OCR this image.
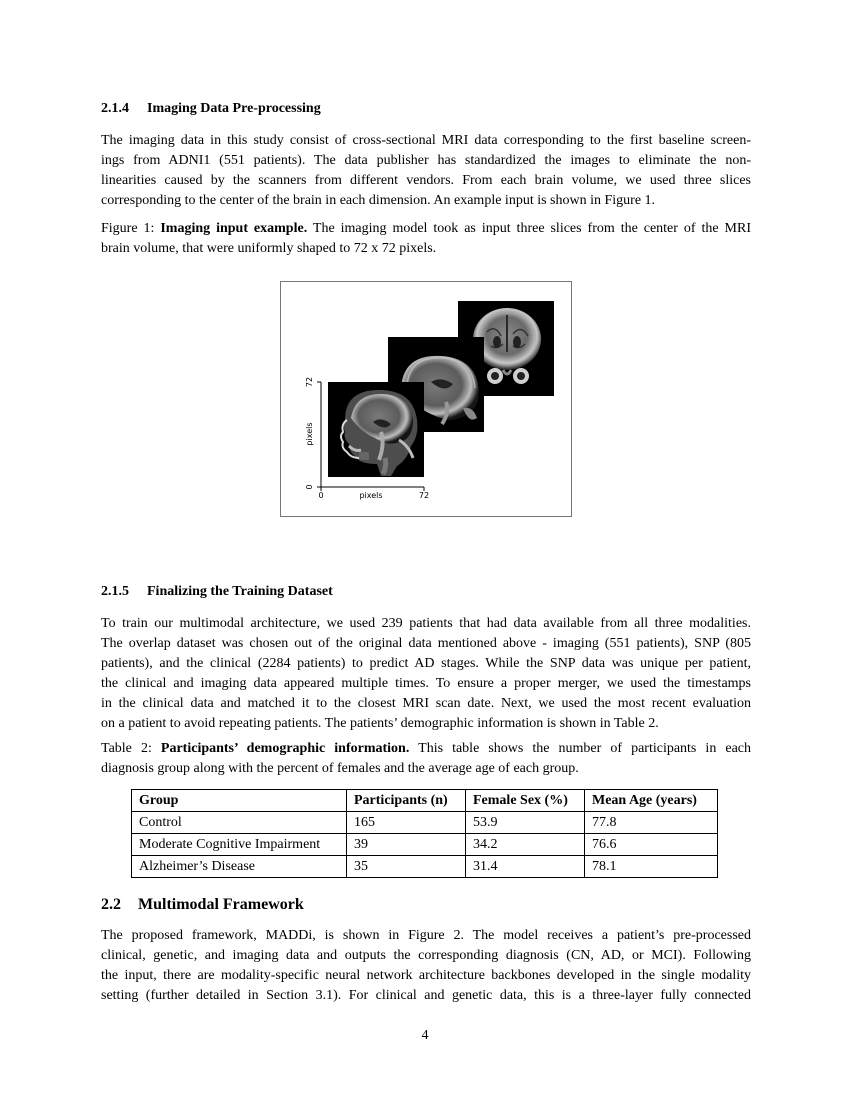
2.1.4 Imaging Data Pre-processing
The imaging data in this study consist of cross-sectional MRI data corresponding to the first baseline screen-
ings from ADNI1 (551 patients). The data publisher has standardized the images to eliminate the non-
linearities caused by the scanners from different vendors. From each brain volume, we used three slices
corresponding to the center of the brain in each dimension. An example input is shown in Figure 1.
Figure 1: Imaging input example. The imaging model took as input three slices from the center of the MRI
brain volume, that were uniformly shaped to 72 x 72 pixels.
0	72
pixels
0
72
pixels
2.1.5 Finalizing the Training Dataset
To train our multimodal architecture, we used 239 patients that had data available from all three modalities.
The overlap dataset was chosen out of the original data mentioned above - imaging (551 patients), SNP (805
patients), and the clinical (2284 patients) to predict AD stages. While the SNP data was unique per patient,
the clinical and imaging data appeared multiple times. To ensure a proper merger, we used the timestamps
in the clinical data and matched it to the closest MRI scan date. Next, we used the most recent evaluation
on a patient to avoid repeating patients. The patients’ demographic information is shown in Table 2.
Table 2: Participants’ demographic information. This table shows the number of participants in each
diagnosis group along with the percent of females and the average age of each group.
Group	Participants (n)	Female Sex (%)	Mean Age (years)
Control	165	53.9	77.8
Moderate Cognitive Impairment	39	34.2	76.6
Alzheimer’s Disease	35	31.4	78.1
2.2 Multimodal Framework
The proposed framework, MADDi, is shown in Figure 2. The model receives a patient’s pre-processed
clinical, genetic, and imaging data and outputs the corresponding diagnosis (CN, AD, or MCI). Following
the input, there are modality-specific neural network architecture backbones developed in the single modality
setting (further detailed in Section 3.1). For clinical and genetic data, this is a three-layer fully connected
4
